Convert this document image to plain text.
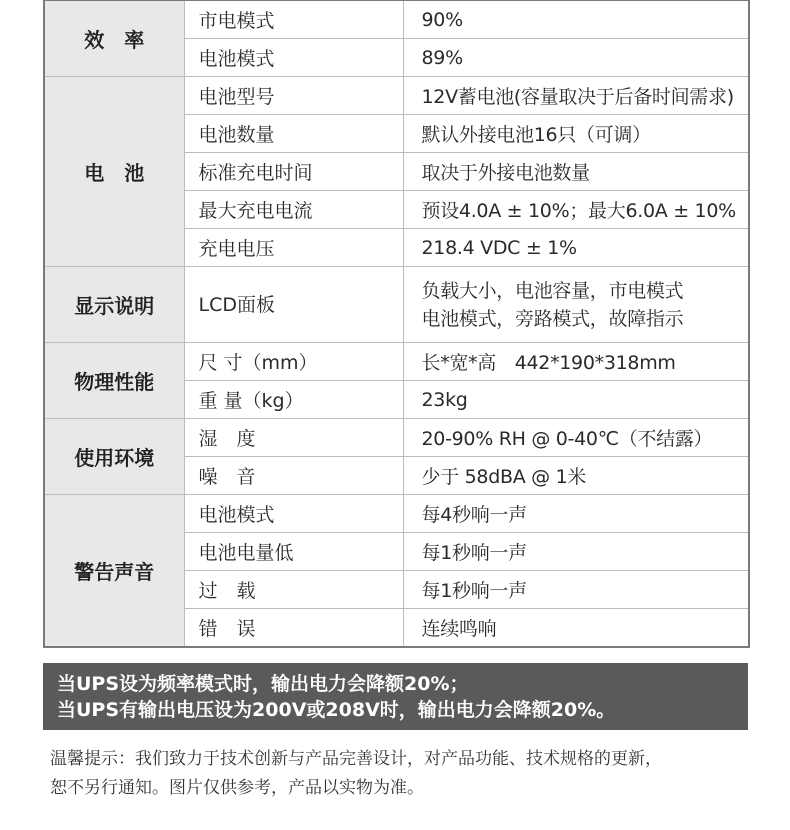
效　率	市电模式	90%
	电池模式	89%
电　池	电池型号	12V蓄电池(容量取决于后备时间需求)
	电池数量	默认外接电池16只（可调）
	标准充电时间	取决于外接电池数量
	最大充电电流	预设4.0A ± 10%；最大6.0A ± 10%
	充电电压	218.4 VDC ± 1%
显示说明	LCD面板	负载大小，电池容量，市电模式
电池模式，旁路模式，故障指示

物理性能	尺 寸（mm）	长*宽*高　442*190*318mm
	重 量（kg）	23kg
使用环境	湿　度	20-90% RH @ 0-40℃（不结露）
	噪　音	少于 58dBA @ 1米
警告声音	电池模式	每4秒响一声
	电池电量低	每1秒响一声
	过　载	每1秒响一声
	错　误	连续鸣响
当UPS设为频率模式时，输出电力会降额20%；
当UPS有输出电压设为200V或208V时，输出电力会降额20%。
温馨提示：我们致力于技术创新与产品完善设计，对产品功能、技术规格的更新，
恕不另行通知。图片仅供参考，产品以实物为准。
